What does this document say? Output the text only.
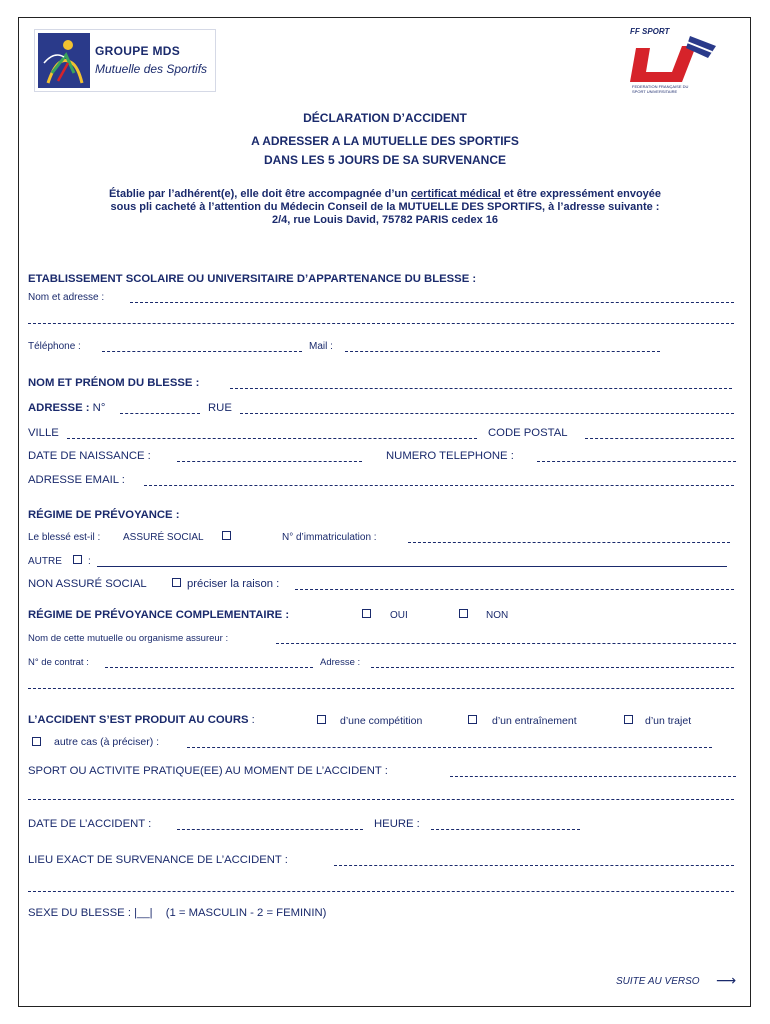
GROUPE MDS
Mutuelle des Sportifs
FF SPORT
FEDERATION FRANÇAISE DU SPORT UNIVERSITAIRE
DÉCLARATION D’ACCIDENT
A ADRESSER A LA MUTUELLE DES SPORTIFS
DANS LES 5 JOURS DE SA SURVENANCE
Établie par l’adhérent(e), elle doit être accompagnée d’un certificat médical et être expressément envoyée
sous pli cacheté à l’attention du Médecin Conseil de la MUTUELLE DES SPORTIFS, à l’adresse suivante :
2/4, rue Louis David, 75782 PARIS cedex 16
ETABLISSEMENT SCOLAIRE OU UNIVERSITAIRE D’APPARTENANCE DU BLESSE :
Nom et adresse :
Téléphone :	Mail :
NOM ET PRÉNOM DU BLESSE :
ADRESSE : N°	RUE
VILLE	CODE POSTAL
DATE DE NAISSANCE :	NUMERO TELEPHONE :
ADRESSE EMAIL :
RÉGIME DE PRÉVOYANCE :
Le blessé est-il : ASSURÉ SOCIAL	N° d’immatriculation :
AUTRE	:
NON ASSURÉ SOCIAL	préciser la raison :
RÉGIME DE PRÉVOYANCE COMPLEMENTAIRE :	OUI	NON
Nom de cette mutuelle ou organisme assureur :
N° de contrat :	Adresse :
L’ACCIDENT S’EST PRODUIT AU COURS :	d’une compétition	d’un entraînement	d’un trajet
autre cas (à préciser) :
SPORT OU ACTIVITE PRATIQUE(EE) AU MOMENT DE L’ACCIDENT :
DATE DE L’ACCIDENT :	HEURE :
LIEU EXACT DE SURVENANCE DE L’ACCIDENT :
SEXE DU BLESSE : |__| (1 = MASCULIN - 2 = FEMININ)
SUITE AU VERSO ⟶
